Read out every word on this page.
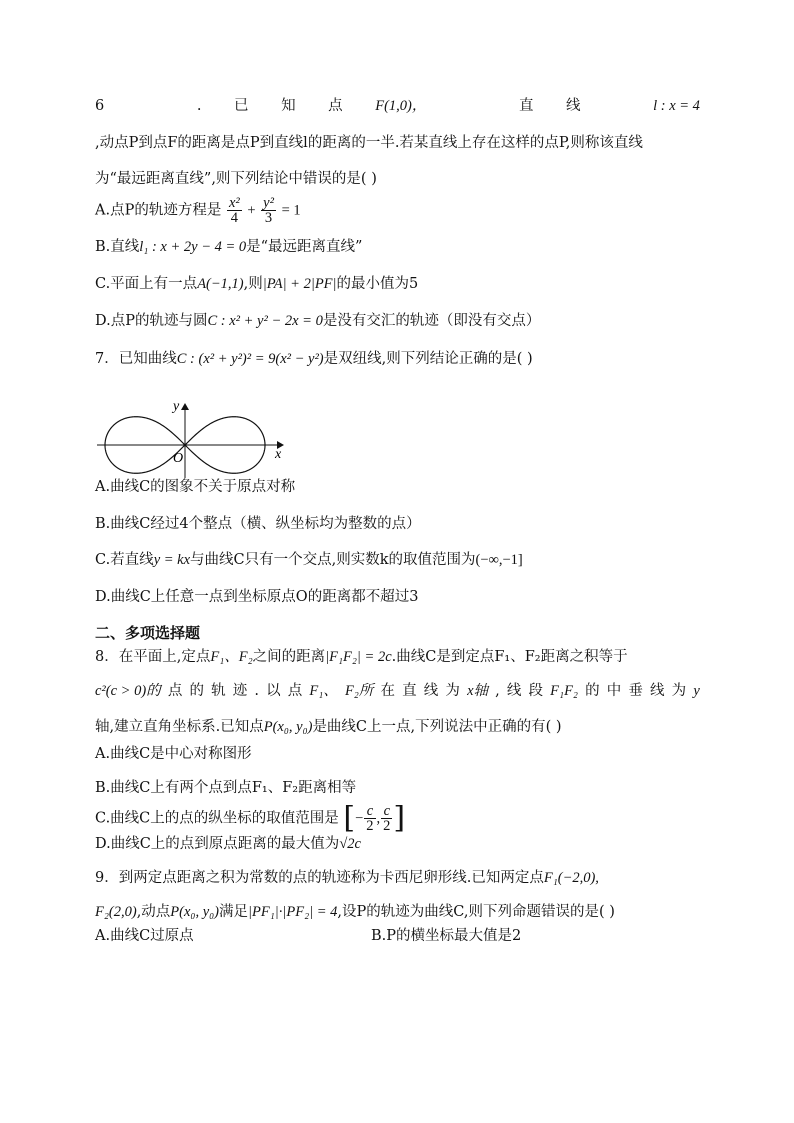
6	. 已 知 点 F(1,0)，	直 线	l : x = 4
,动点P到点F的距离是点P到直线l的距离的一半.若某直线上存在这样的点P,则称该直线
为“最远距离直线”,则下列结论中错误的是( )
A.点P的轨迹方程是 $\frac{\text{x²}}{4} + \frac{\text{y²}}{3} = 1$
B.直线l₁ : x + 2y − 4 = 0是“最远距离直线”
C.平面上有一点A(−1,1),则|PA| + 2|PF|的最小值为5
D.点P的轨迹与圆C : x² + y² − 2x = 0是没有交汇的轨迹（即没有交点）
7．已知曲线C : (x² + y²)² = 9(x² − y²)是双纽线,则下列结论正确的是( )
y
x
O
A.曲线C的图象不关于原点对称
B.曲线C经过4个整点（横、纵坐标均为整数的点）
C.若直线y = kx与曲线C只有一个交点,则实数k的取值范围为(−∞,−1]
D.曲线C上任意一点到坐标原点O的距离都不超过3
二、多项选择题
8．在平面上,定点F₁、F₂之间的距离|F₁F₂| = 2c.曲线C是到定点F₁、F₂距离之积等于
c²(c > 0)的 点 的 轨 迹 . 以 点 F₁、 F₂所 在 直 线 为 x轴 , 线 段 F₁F₂ 的 中 垂 线 为 y
轴,建立直角坐标系.已知点P(x₀, y₀)是曲线C上一点,下列说法中正确的有( )
A.曲线C是中心对称图形
B.曲线C上有两个点到点F₁、F₂距离相等
C.曲线C上的点的纵坐标的取值范围是 [− $\frac{c}{2}$ , $\frac{c}{2}$ ]
D.曲线C上的点到原点距离的最大值为√2c
9．到两定点距离之积为常数的点的轨迹称为卡西尼卵形线.已知两定点F₁(−2,0),
F₂(2,0),动点P(x₀, y₀)满足|PF₁|·|PF₂| = 4,设P的轨迹为曲线C,则下列命题错误的是( )
A.曲线C过原点	B.P的横坐标最大值是2
